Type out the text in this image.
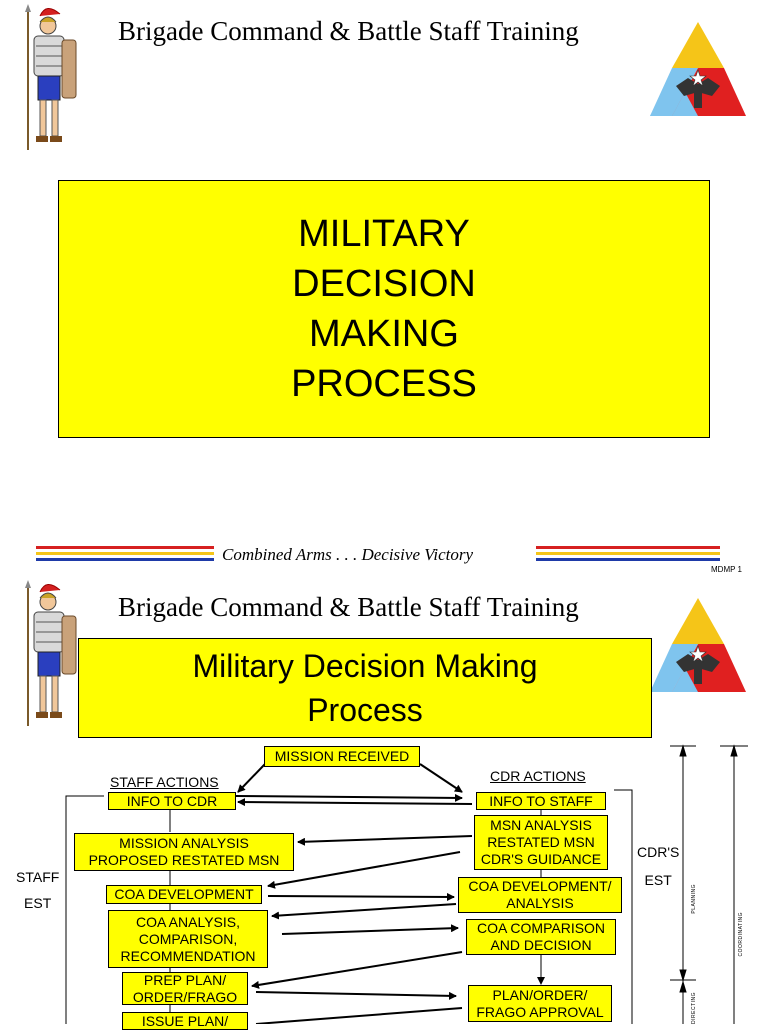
Brigade Command & Battle Staff Training
MILITARY
DECISION
MAKING
PROCESS
Combined Arms . . . Decisive Victory
MDMP 1
Brigade Command & Battle Staff Training
Military Decision Making
Process
MISSION RECEIVED
STAFF ACTIONS	CDR ACTIONS
INFO TO CDR
MISSION ANALYSIS
PROPOSED RESTATED MSN
COA DEVELOPMENT
COA ANALYSIS,
COMPARISON,
RECOMMENDATION
PREP PLAN/
ORDER/FRAGO
ISSUE PLAN/
INFO TO STAFF
MSN ANALYSIS
RESTATED MSN
CDR'S GUIDANCE
COA DEVELOPMENT/
ANALYSIS
COA COMPARISON
AND DECISION
PLAN/ORDER/
FRAGO APPROVAL
STAFF
EST
CDR'S
EST
PLANNING
COORDINATING
DIRECTING
